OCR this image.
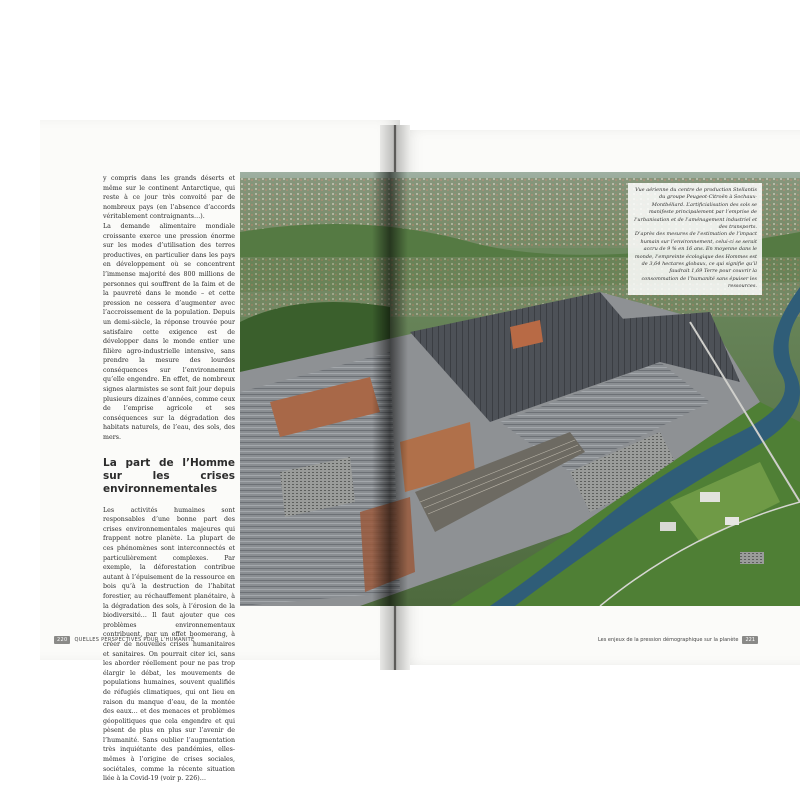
y compris dans les grands déserts et même sur le continent Antarctique, qui reste à ce jour très convoité par de nombreux pays (en l’absence d’accords véritablement contraignants…).

La demande alimentaire mondiale croissante exerce une pression énorme sur les modes d’utilisation des terres productives, en particulier dans les pays en développement où se concentrent l’immense majorité des 800 millions de personnes qui souffrent de la faim et de la pauvreté dans le monde – et cette pression ne cessera d’augmenter avec l’accroissement de la population. Depuis un demi-siècle, la réponse trouvée pour satisfaire cette exigence est de développer dans le monde entier une filière agro-industrielle intensive, sans prendre la mesure des lourdes conséquences sur l’environnement qu’elle engendre. En effet, de nombreux signes alarmistes se sont fait jour depuis plusieurs dizaines d’années, comme ceux de l’emprise agricole et ses conséquences sur la dégradation des habitats naturels, de l’eau, des sols, des mers.

La part de l’Homme sur les crises environnementales

Les activités humaines sont responsables d’une bonne part des crises environnementales majeures qui frappent notre planète. La plupart de ces phénomènes sont interconnectés et particulièrement complexes. Par exemple, la déforestation contribue autant à l’épuisement de la ressource en bois qu’à la destruction de l’habitat forestier, au réchauffement planétaire, à la dégradation des sols, à l’érosion de la biodiversité… Il faut ajouter que ces problèmes environnementaux contribuent, par un effet boomerang, à créer de nouvelles crises humanitaires et sanitaires. On pourrait citer ici, sans les aborder réellement pour ne pas trop élargir le débat, les mouvements de populations humaines, souvent qualifiés de réfugiés climatiques, qui ont lieu en raison du manque d’eau, de la montée des eaux… et des menaces et problèmes géopolitiques que cela engendre et qui pèsent de plus en plus sur l’avenir de l’humanité. Sans oublier l’augmentation très inquiétante des pandémies, elles-mêmes à l’origine de crises sociales, sociétales, comme la récente situation liée à la Covid-19 (voir p. 226)…

220	QUELLES PERSPECTIVES POUR L’HUMANITÉ	Les enjeux de la pression démographique sur la planète	221

Vue aérienne du centre de production Stellantis du groupe Peugeot-Citroën à Sochaux-Montbéliard. L’artificialisation des sols se manifeste principalement par l’emprise de l’urbanisation et de l’aménagement industriel et des transports.

D’après des mesures de l’estimation de l’impact humain sur l’environnement, celui-ci se serait accru de 9 % en 16 ans. En moyenne dans le monde, l’empreinte écologique des Hommes est de 3,64 hectares globaux, ce qui signifie qu’il faudrait 1,69 Terre pour couvrir la consommation de l’humanité sans épuiser les ressources.
